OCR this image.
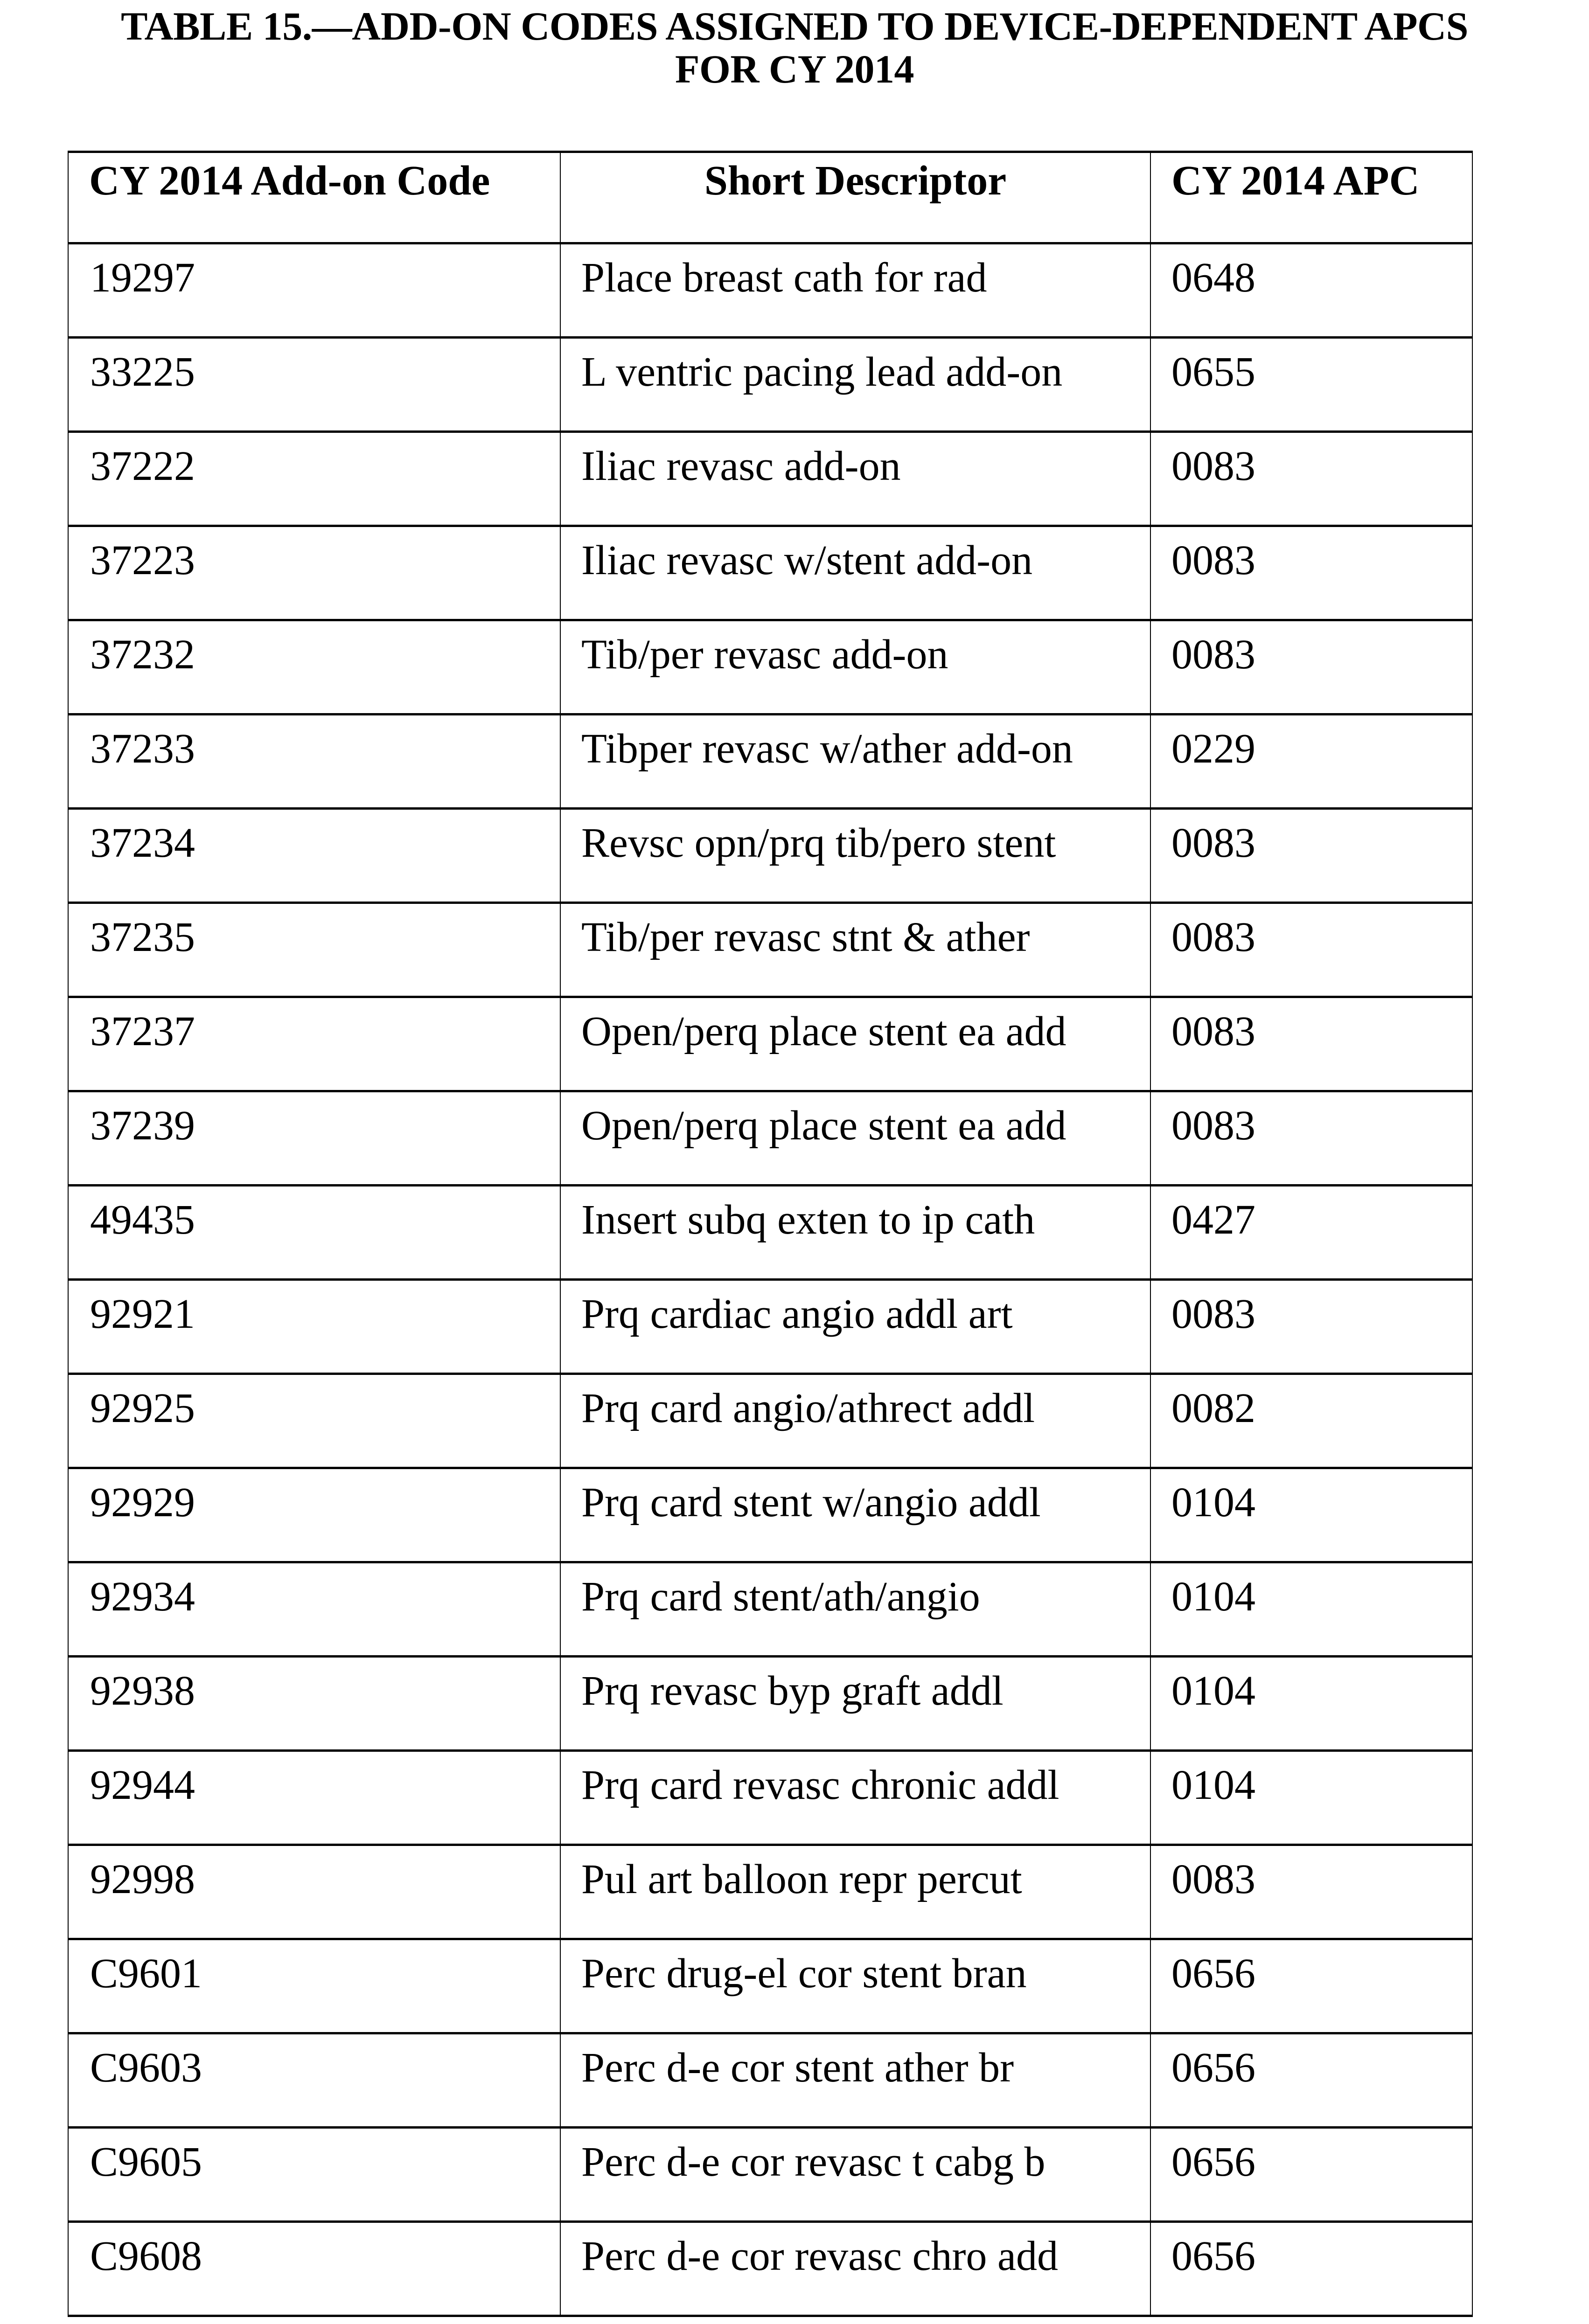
TABLE 15.—ADD-ON CODES ASSIGNED TO DEVICE-DEPENDENT APCS
FOR CY 2014
CY 2014 Add-on Code	Short Descriptor	CY 2014 APC
19297	Place breast cath for rad	0648
33225	L ventric pacing lead add-on	0655
37222	Iliac revasc add-on	0083
37223	Iliac revasc w/stent add-on	0083
37232	Tib/per revasc add-on	0083
37233	Tibper revasc w/ather add-on	0229
37234	Revsc opn/prq tib/pero stent	0083
37235	Tib/per revasc stnt & ather	0083
37237	Open/perq place stent ea add	0083
37239	Open/perq place stent ea add	0083
49435	Insert subq exten to ip cath	0427
92921	Prq cardiac angio addl art	0083
92925	Prq card angio/athrect addl	0082
92929	Prq card stent w/angio addl	0104
92934	Prq card stent/ath/angio	0104
92938	Prq revasc byp graft addl	0104
92944	Prq card revasc chronic addl	0104
92998	Pul art balloon repr percut	0083
C9601	Perc drug-el cor stent bran	0656
C9603	Perc d-e cor stent ather br	0656
C9605	Perc d-e cor revasc t cabg b	0656
C9608	Perc d-e cor revasc chro add	0656
